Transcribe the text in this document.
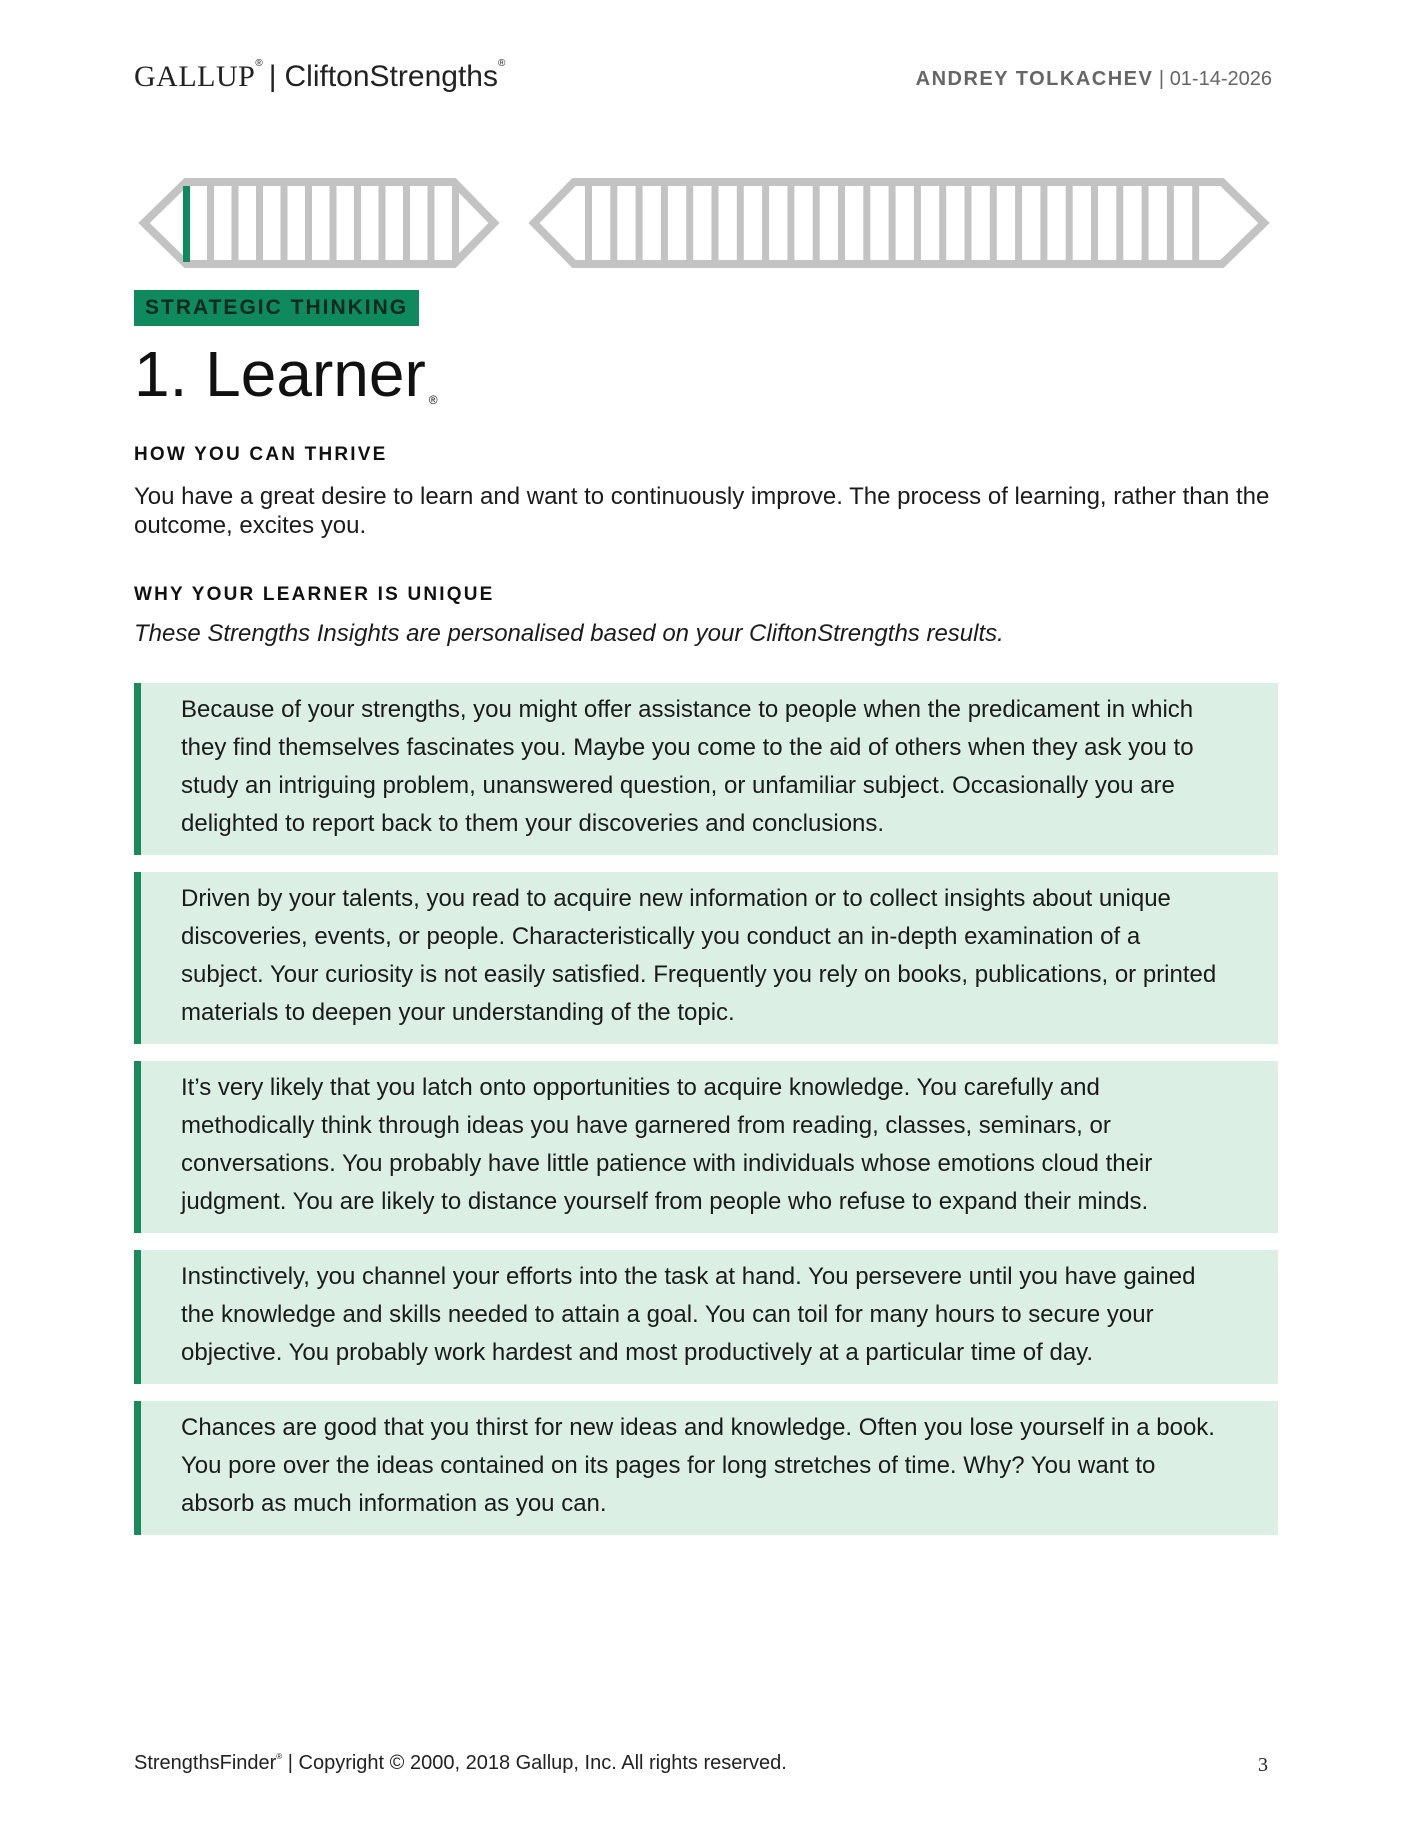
GALLUP® | CliftonStrengths®
ANDREY TOLKACHEV | 01-14-2026
STRATEGIC THINKING
1. Learner ®
HOW YOU CAN THRIVE
You have a great desire to learn and want to continuously improve. The process of learning, rather than the outcome, excites you.
WHY YOUR LEARNER IS UNIQUE
These Strengths Insights are personalised based on your CliftonStrengths results.
Because of your strengths, you might offer assistance to people when the predicament in which they find themselves fascinates you. Maybe you come to the aid of others when they ask you to study an intriguing problem, unanswered question, or unfamiliar subject. Occasionally you are delighted to report back to them your discoveries and conclusions.
Driven by your talents, you read to acquire new information or to collect insights about unique discoveries, events, or people. Characteristically you conduct an in-depth examination of a subject. Your curiosity is not easily satisfied. Frequently you rely on books, publications, or printed materials to deepen your understanding of the topic.
It’s very likely that you latch onto opportunities to acquire knowledge. You carefully and methodically think through ideas you have garnered from reading, classes, seminars, or conversations. You probably have little patience with individuals whose emotions cloud their judgment. You are likely to distance yourself from people who refuse to expand their minds.
Instinctively, you channel your efforts into the task at hand. You persevere until you have gained the knowledge and skills needed to attain a goal. You can toil for many hours to secure your objective. You probably work hardest and most productively at a particular time of day.
Chances are good that you thirst for new ideas and knowledge. Often you lose yourself in a book. You pore over the ideas contained on its pages for long stretches of time. Why? You want to absorb as much information as you can.
StrengthsFinder® | Copyright © 2000, 2018 Gallup, Inc. All rights reserved.	3
